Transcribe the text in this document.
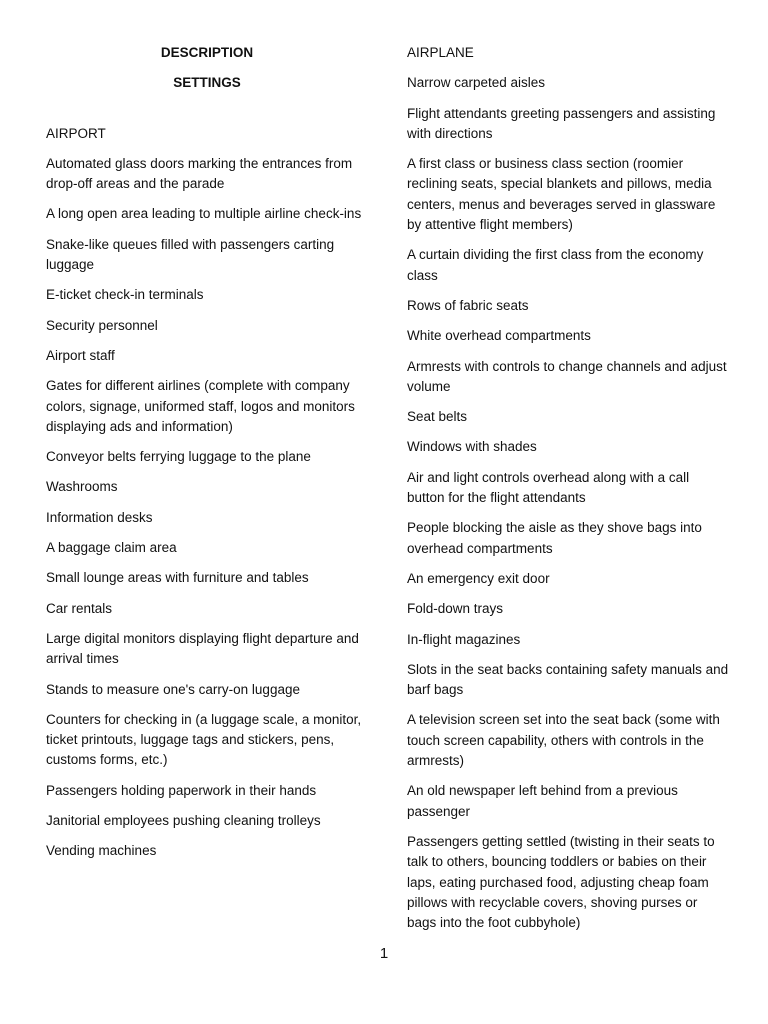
DESCRIPTION
SETTINGS
AIRPORT
Automated glass doors marking the entrances from drop-off areas and the parade
A long open area leading to multiple airline check-ins
Snake-like queues filled with passengers carting luggage
E-ticket check-in terminals
Security personnel
Airport staff
Gates for different airlines (complete with company colors, signage, uniformed staff, logos and monitors displaying ads and information)
Conveyor belts ferrying luggage to the plane
Washrooms
Information desks
A baggage claim area
Small lounge areas with furniture and tables
Car rentals
Large digital monitors displaying flight departure and arrival times
Stands to measure one's carry-on luggage
Counters for checking in (a luggage scale, a monitor, ticket printouts, luggage tags and stickers, pens, customs forms, etc.)
Passengers holding paperwork in their hands
Janitorial employees pushing cleaning trolleys
Vending machines
AIRPLANE
Narrow carpeted aisles
Flight attendants greeting passengers and assisting with directions
A first class or business class section (roomier reclining seats, special blankets and pillows, media centers, menus and beverages served in glassware by attentive flight members)
A curtain dividing the first class from the economy class
Rows of fabric seats
White overhead compartments
Armrests with controls to change channels and adjust volume
Seat belts
Windows with shades
Air and light controls overhead along with a call button for the flight attendants
People blocking the aisle as they shove bags into overhead compartments
An emergency exit door
Fold-down trays
In-flight magazines
Slots in the seat backs containing safety manuals and barf bags
A television screen set into the seat back (some with touch screen capability, others with controls in the armrests)
An old newspaper left behind from a previous passenger
Passengers getting settled (twisting in their seats to talk to others, bouncing toddlers or babies on their laps, eating purchased food, adjusting cheap foam pillows with recyclable covers, shoving purses or bags into the foot cubbyhole)
1
